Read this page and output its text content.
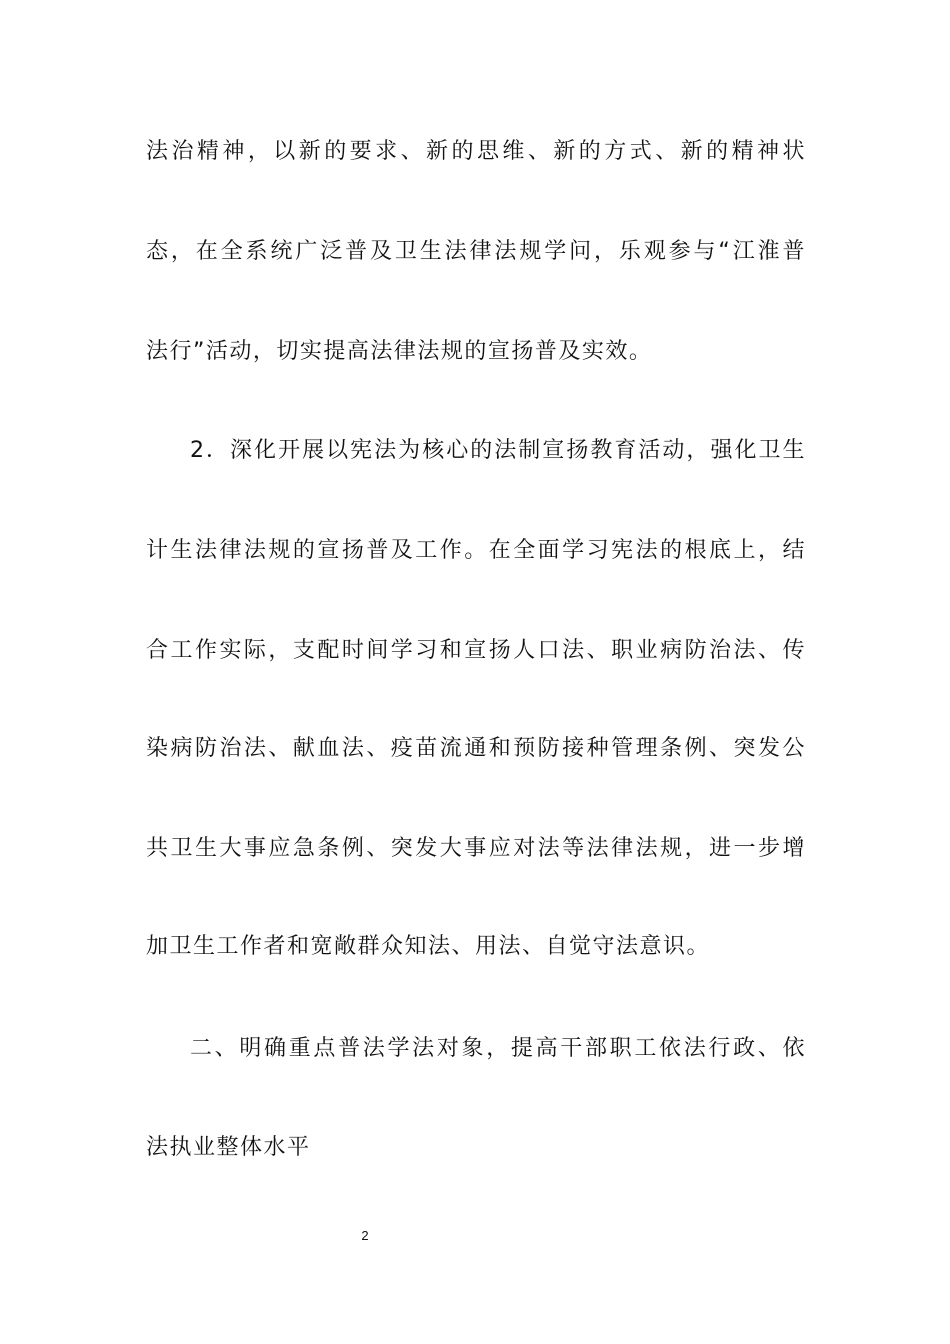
法治精神，以新的要求、新的思维、新的方式、新的精神状
态，在全系统广泛普及卫生法律法规学问，乐观参与“江淮普
法行”活动，切实提高法律法规的宣扬普及实效。
2．深化开展以宪法为核心的法制宣扬教育活动，强化卫生
计生法律法规的宣扬普及工作。在全面学习宪法的根底上，结
合工作实际，支配时间学习和宣扬人口法、职业病防治法、传
染病防治法、献血法、疫苗流通和预防接种管理条例、突发公
共卫生大事应急条例、突发大事应对法等法律法规，进一步增
加卫生工作者和宽敞群众知法、用法、自觉守法意识。
二、明确重点普法学法对象，提高干部职工依法行政、依
法执业整体水平
2
